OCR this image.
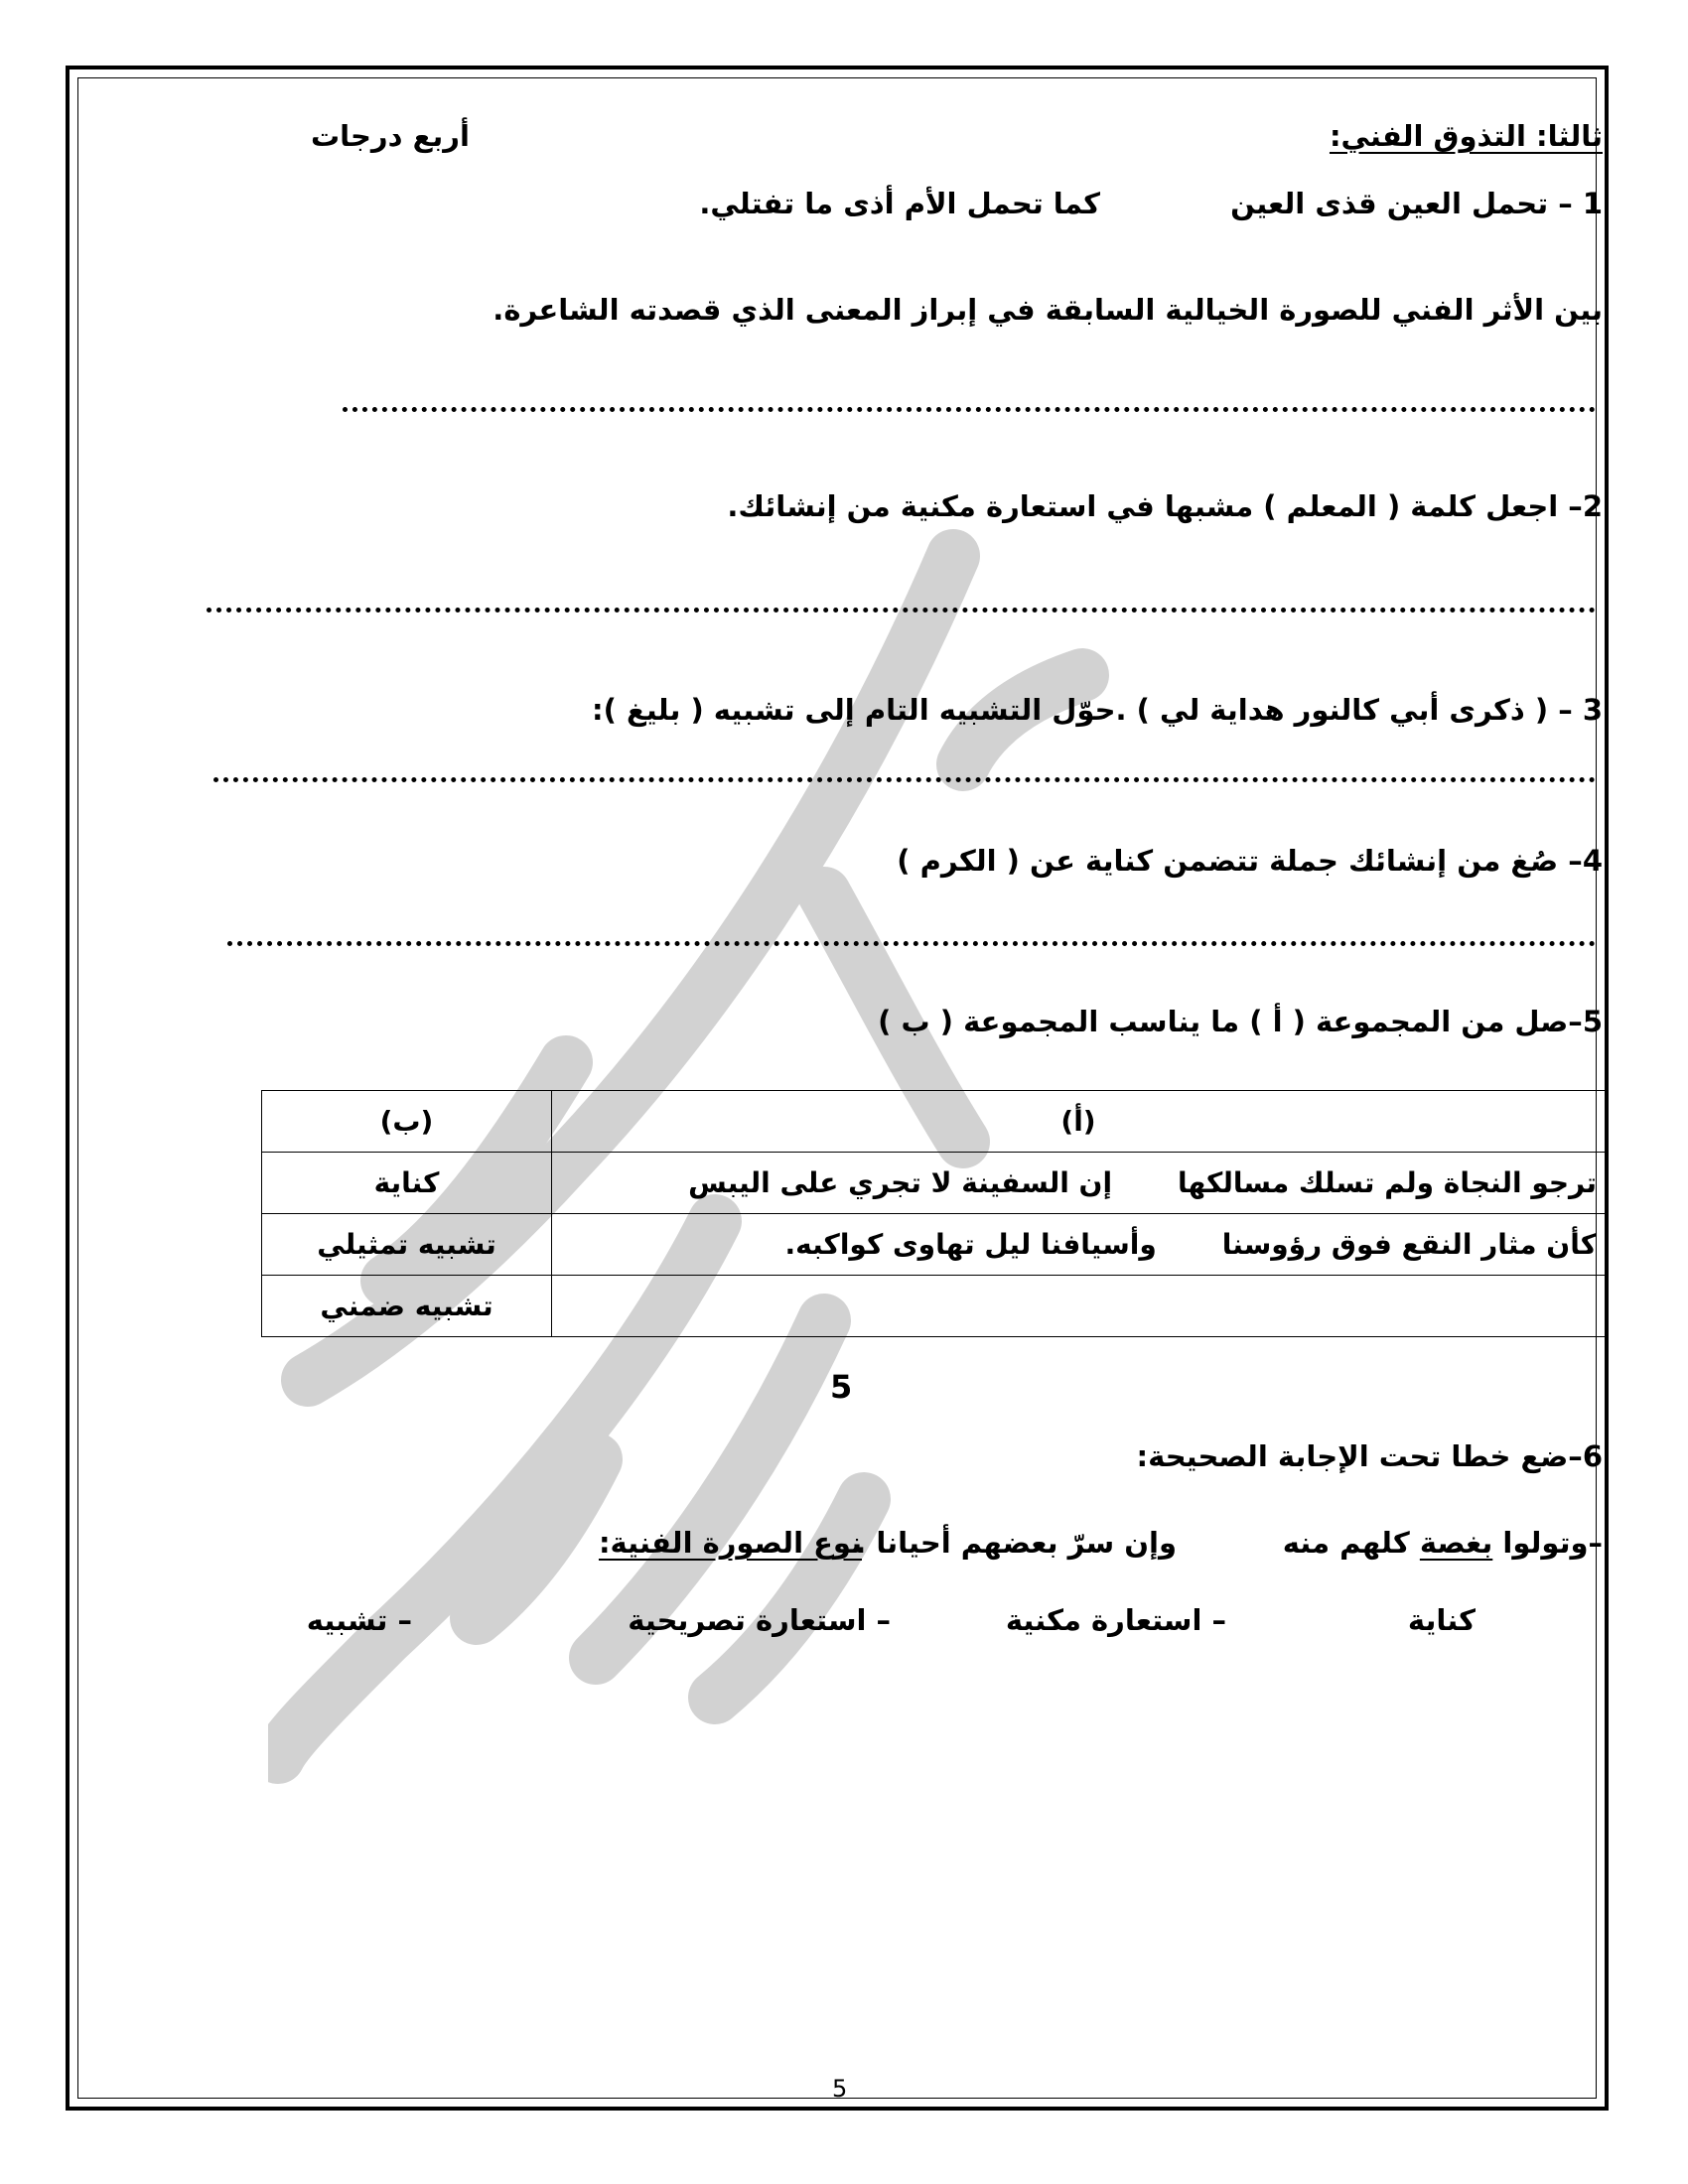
ثالثا: التذوق الفني:
أربع درجات
1 – تحمل العين قذى العين
كما تحمل الأم أذى ما تفتلي.
بين الأثر الفني للصورة الخيالية السابقة في إبراز المعنى الذي قصدته الشاعرة.
2– اجعل كلمة ( المعلم ) مشبها في استعارة مكنية من إنشائك.
3 – ( ذكرى أبي كالنور هداية لي ) .حوّل التشبيه التام إلى تشبيه ( بليغ ):
4– صُغ من إنشائك جملة تتضمن كناية عن ( الكرم )
5–صل من المجموعة ( أ ) ما يناسب المجموعة ( ب )
(أ)	(ب)

ترجو النجاة ولم تسلك مسالكها
إن السفينة لا تجري على اليبس	كناية

كأن مثار النقع فوق رؤوسنا
وأسيافنا ليل تهاوى كواكبه.	تشبيه تمثيلي

	تشبيه ضمني
5
6–ضع خطا تحت الإجابة الصحيحة:
–وتولوا بغصة كلهم منه
وإن سرّ بعضهم أحيانا .
نوع الصورة الفنية:
كناية
– استعارة مكنية
– استعارة تصريحية
– تشبيه
5
